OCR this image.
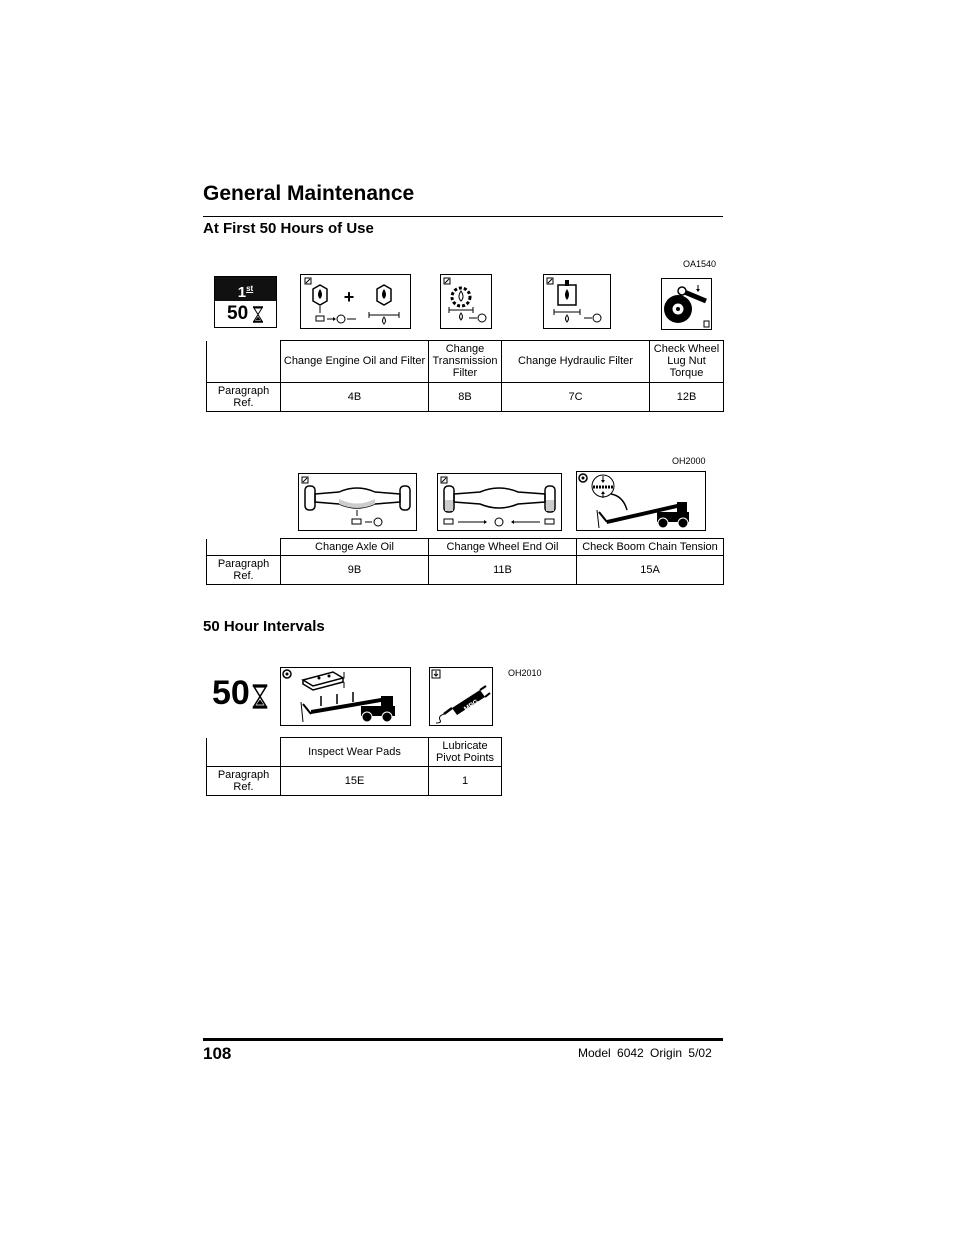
General Maintenance
At First 50 Hours of Use
OA1540
1st
50
+
	Change Engine Oil and Filter	Change Transmission Filter	Change Hydraulic Filter	Check Wheel Lug Nut Torque
Paragraph Ref.	4B	8B	7C	12B
OH2000
	Change Axle Oil	Change Wheel End Oil	Check Boom Chain Tension
Paragraph Ref.	9B	11B	15A
50 Hour Intervals
50	MPG
OH2010
	Inspect Wear Pads	Lubricate Pivot Points
Paragraph Ref.	15E	1
108	Model 6042 Origin 5/02
